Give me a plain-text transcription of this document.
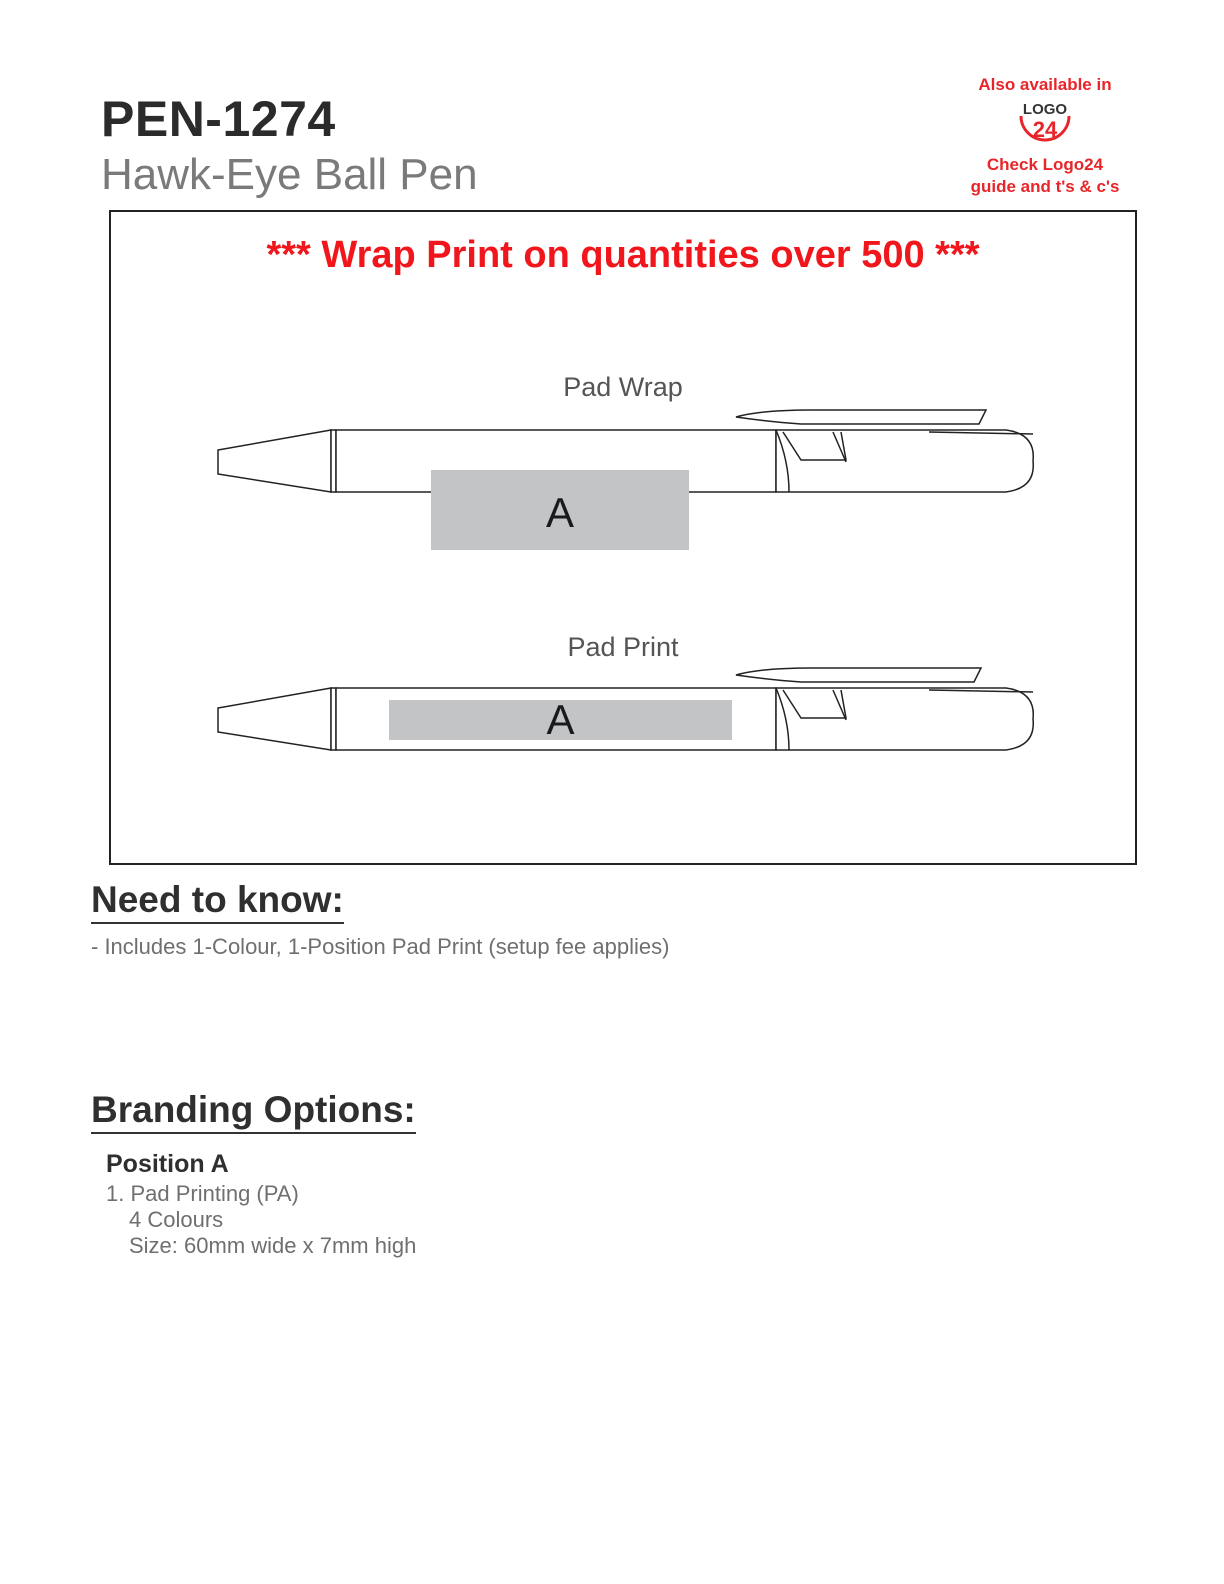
PEN-1274
Hawk-Eye Ball Pen
Also available in
LOGO
24
Check Logo24
guide and t's & c's
*** Wrap Print on quantities over 500 ***
Pad Wrap
A
Pad Print
A
Need to know:
- Includes 1-Colour, 1-Position Pad Print (setup fee applies)
Branding Options:
Position A
1. Pad Printing (PA)
4 Colours
Size: 60mm wide x 7mm high
